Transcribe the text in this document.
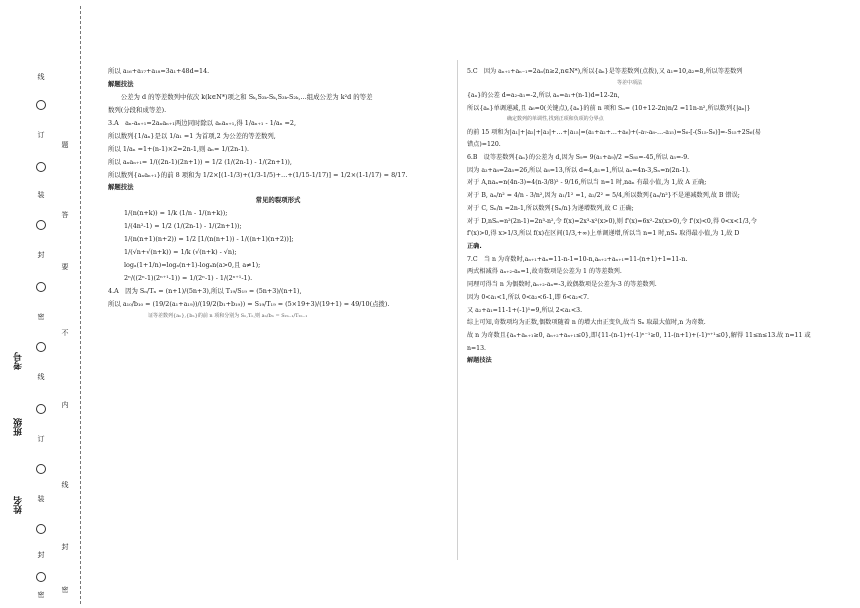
线
订
装
封
密
线
订
装
封
密
题
答
要
不
内
线
封
密
考号
班级
姓名

所以 a₁₆+a₁₇+a₁₈=3a₁+48d=14.

解题技法

　　公差为 d 的等差数列中依次 k(k∈N*)项之和 Sₖ,S₂ₖ-Sₖ,S₃ₖ-S₂ₖ,…组成公差为 k²d 的等差

数列(分段和成等差).

3.A　aₙ-aₙ₊₁=2aₙaₙ₊₁两边同时除以 aₙaₙ₊₁,得 1/aₙ₊₁ - 1/aₙ =2,

所以数列{1/aₙ}是以 1/a₁ =1 为首项,2 为公差的等差数列,

所以 1/aₙ =1+(n-1)×2=2n-1,则 aₙ= 1/(2n-1).

所以 aₙaₙ₊₁= 1/((2n-1)(2n+1)) = 1/2 (1/(2n-1) - 1/(2n+1)),

所以数列{aₙaₙ₊₁}的前 8 项和为 1/2×[(1-1/3)+(1/3-1/5)+…+(1/15-1/17)] = 1/2×(1-1/17) = 8/17.

解题技法

常见的裂项形式

1/(n(n+k)) = 1/k (1/n - 1/(n+k));

1/(4n²-1) = 1/2 (1/(2n-1) - 1/(2n+1));

1/(n(n+1)(n+2)) = 1/2 [1/(n(n+1)) - 1/((n+1)(n+2))];

1/(√n+√(n+k)) = 1/k (√(n+k) - √n);

logₐ(1+1/n)=logₐ(n+1)-logₐn(a>0,且 a≠1);

2ⁿ/((2ⁿ-1)(2ⁿ⁺¹-1)) = 1/(2ⁿ-1) - 1/(2ⁿ⁺¹-1).

4.A　因为 Sₙ/Tₙ = (n+1)/(5n+3),所以 T₁₉/S₁₉ = (5n+3)/(n+1),

所以 a₁₀/b₁₀ = (19/2(a₁+a₁₉))/(19/2(b₁+b₁₉)) = S₁₉/T₁₉ = (5×19+3)/(19+1) = 49/10(点拨).

证等差数列{aₙ},{bₙ}的前 n 项和分别为 Sₙ,Tₙ,则 aₙ/bₙ = S₂ₙ₋₁/T₂ₙ₋₁

5.C　因为 aₙ₊₁+aₙ₋₁=2aₙ(n≥2,n∈N*),所以{aₙ}是等差数列(点拨),又 a₁=10,a₂=8,所以等差数列

等差中项法

{aₙ}的公差 d=a₂-a₁=-2,所以 aₙ=a₁+(n-1)d=12-2n,

所以{aₙ}单调递减,且 a₆=0(关键点),{aₙ}的前 n 项和 Sₙ= (10+12-2n)n/2 =11n-n²,所以数列{|aₙ|}

确定数列的单调性,找到正项和负项的分界点

的前 15 项和为|a₁|+|a₂|+|a₃|+…+|a₁₅|=(a₁+a₂+…+a₆)+(-a₇-a₈-…-a₁₅)=S₆-[-(S₁₅-S₆)]=-S₁₅+2S₆(易

错点)=120.

6.B　设等差数列{aₙ}的公差为 d,因为 S₉= 9(a₁+a₉)/2 =S₈₅=-45,所以 a₅=-9.

因为 a₃+a₈=2a₅=26,所以 a₈=13,所以 d=4,a₁=1,所以 aₙ=4n-3,Sₙ=n(2n-1).

对于 A,naₙ=n(4n-3)=4(n-3/8)² - 9/16,所以当 n=1 时,naₙ 有最小值,为 1,故 A 正确;

对于 B, aₙ/n² = 4/n - 3/n²,因为 a₁/1² =1, a₂/2² = 5/4,所以数列{aₙ/n²}不是递减数列,故 B 错误;

对于 C, Sₙ/n =2n-1,所以数列{Sₙ/n}为递增数列,故 C 正确;

对于 D,nSₙ=n²(2n-1)=2n³-n²,令 f(x)=2x³-x²(x>0),则 f'(x)=6x²-2x(x>0),令 f'(x)<0,得 0<x<1/3,令

f'(x)>0,得 x>1/3,所以 f(x)在区间(1/3,+∞)上单调递增,所以当 n=1 时,nSₙ 取得最小值,为 1,故 D

正确.

7.C　当 n 为奇数时,aₙ₊₁+aₙ=11-n-1=10-n,aₙ₊₂+aₙ₊₁=11-(n+1)+1=11-n.

两式相减得 aₙ₊₂-aₙ=1,故奇数项是公差为 1 的等差数列.

同理可得当 n 为偶数时,aₙ₊₂-aₙ=-3,故偶数项是公差为-3 的等差数列.

因为 0<a₁<1,所以 0<a₂<6-1,即 6<a₂<7.

又 a₂+a₁=11-1+(-1)¹=9,所以 2<a₁<3.

综上可知,奇数项均为正数,偶数项随着 n 的增大由正变负,故当 Sₙ 取最大值时,n 为奇数.

故 n 为奇数且{aₙ+aₙ₊₁≥0, aₙ₊₂+aₙ₊₁≤0},即{11-(n-1)+(-1)ⁿ⁻¹≥0, 11-(n+1)+(-1)ⁿ⁺¹≤0},解得 11≤n≤13.故 n=11 或

n=13.

解题技法
